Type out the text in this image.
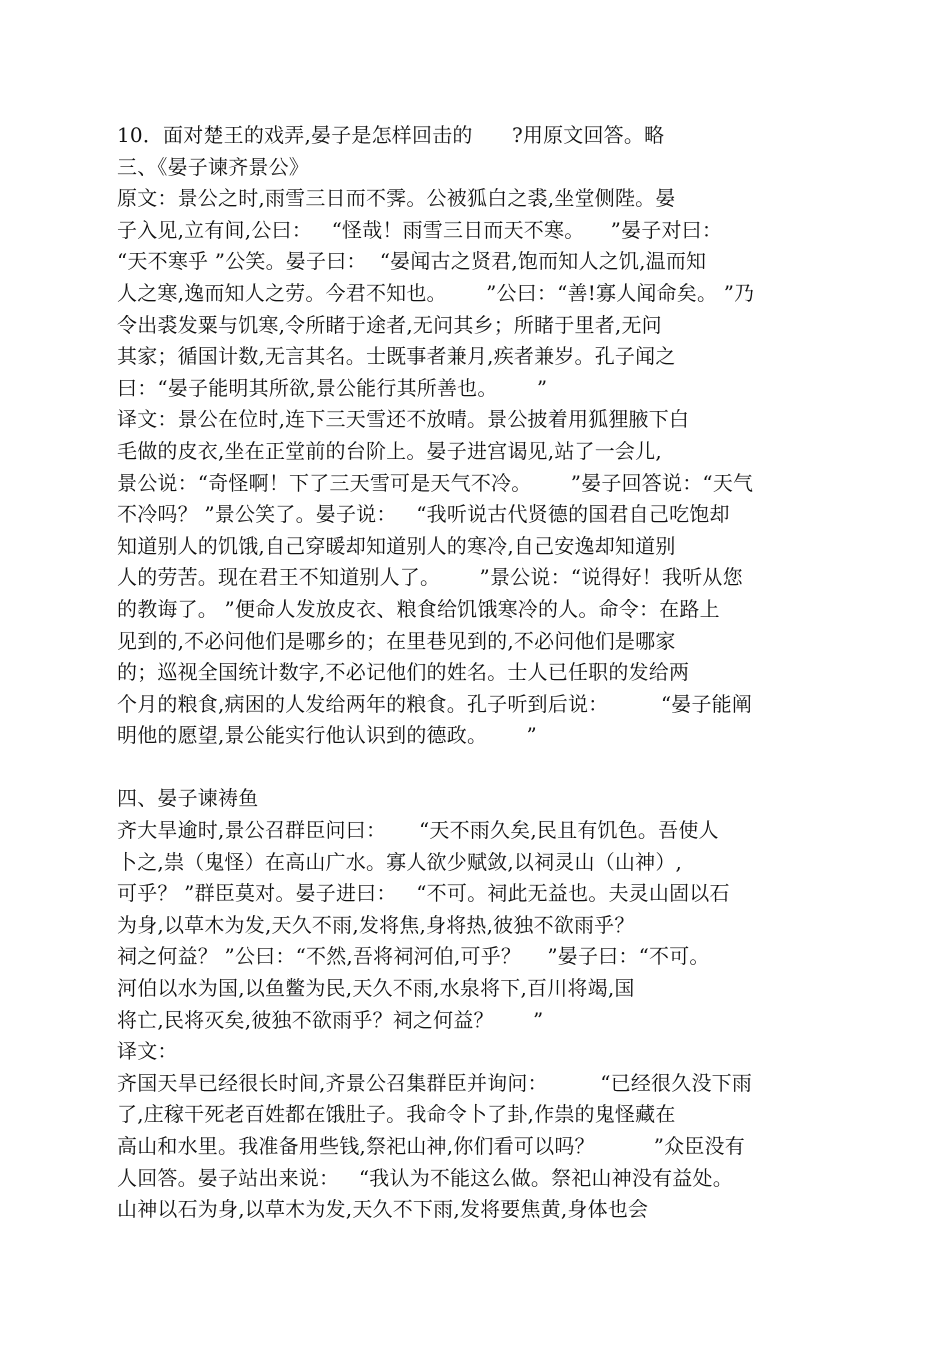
10．面对楚王的戏弄,晏子是怎样回击的      ?用原文回答。略
三、《晏子谏齐景公》
原文：景公之时,雨雪三日而不霁。公被狐白之裘,坐堂侧陛。晏
子入见,立有间,公曰：   “怪哉！雨雪三日而天不寒。    ”晏子对曰：
“天不寒乎 ”公笑。晏子曰：  “晏闻古之贤君,饱而知人之饥,温而知
人之寒,逸而知人之劳。今君不知也。      ”公曰：“善!寡人闻命矣。 ”乃
令出裘发粟与饥寒,令所睹于途者,无问其乡；所睹于里者,无问
其家；循国计数,无言其名。士既事者兼月,疾者兼岁。孔子闻之
曰：“晏子能明其所欲,景公能行其所善也。      ”
译文：景公在位时,连下三天雪还不放晴。景公披着用狐狸腋下白
毛做的皮衣,坐在正堂前的台阶上。晏子进宫谒见,站了一会儿,
景公说：“奇怪啊！下了三天雪可是天气不冷。      ”晏子回答说：“天气
不冷吗？ ”景公笑了。晏子说：   “我听说古代贤德的国君自己吃饱却
知道别人的饥饿,自己穿暖却知道别人的寒冷,自己安逸却知道别
人的劳苦。现在君王不知道别人了。      ”景公说：“说得好！我听从您
的教诲了。 ”便命人发放皮衣、粮食给饥饿寒冷的人。命令：在路上
见到的,不必问他们是哪乡的；在里巷见到的,不必问他们是哪家
的；巡视全国统计数字,不必记他们的姓名。士人已任职的发给两
个月的粮食,病困的人发给两年的粮食。孔子听到后说：        “晏子能阐
明他的愿望,景公能实行他认识到的德政。      ”
四、晏子谏祷鱼
齐大旱逾时,景公召群臣问曰：     “天不雨久矣,民且有饥色。吾使人
卜之,祟（鬼怪）在高山广水。寡人欲少赋敛,以祠灵山（山神）,
可乎？ ”群臣莫对。晏子进曰：   “不可。祠此无益也。夫灵山固以石
为身,以草木为发,天久不雨,发将焦,身将热,彼独不欲雨乎？
祠之何益？ ”公曰：“不然,吾将祠河伯,可乎？    ”晏子曰：“不可。
河伯以水为国,以鱼鳖为民,天久不雨,水泉将下,百川将竭,国
将亡,民将灭矣,彼独不欲雨乎？祠之何益？      ”
译文：
齐国天旱已经很长时间,齐景公召集群臣并询问：        “已经很久没下雨
了,庄稼干死老百姓都在饿肚子。我命令卜了卦,作祟的鬼怪藏在
高山和水里。我准备用些钱,祭祀山神,你们看可以吗？         ”众臣没有
人回答。晏子站出来说：   “我认为不能这么做。祭祀山神没有益处。
山神以石为身,以草木为发,天久不下雨,发将要焦黄,身体也会
